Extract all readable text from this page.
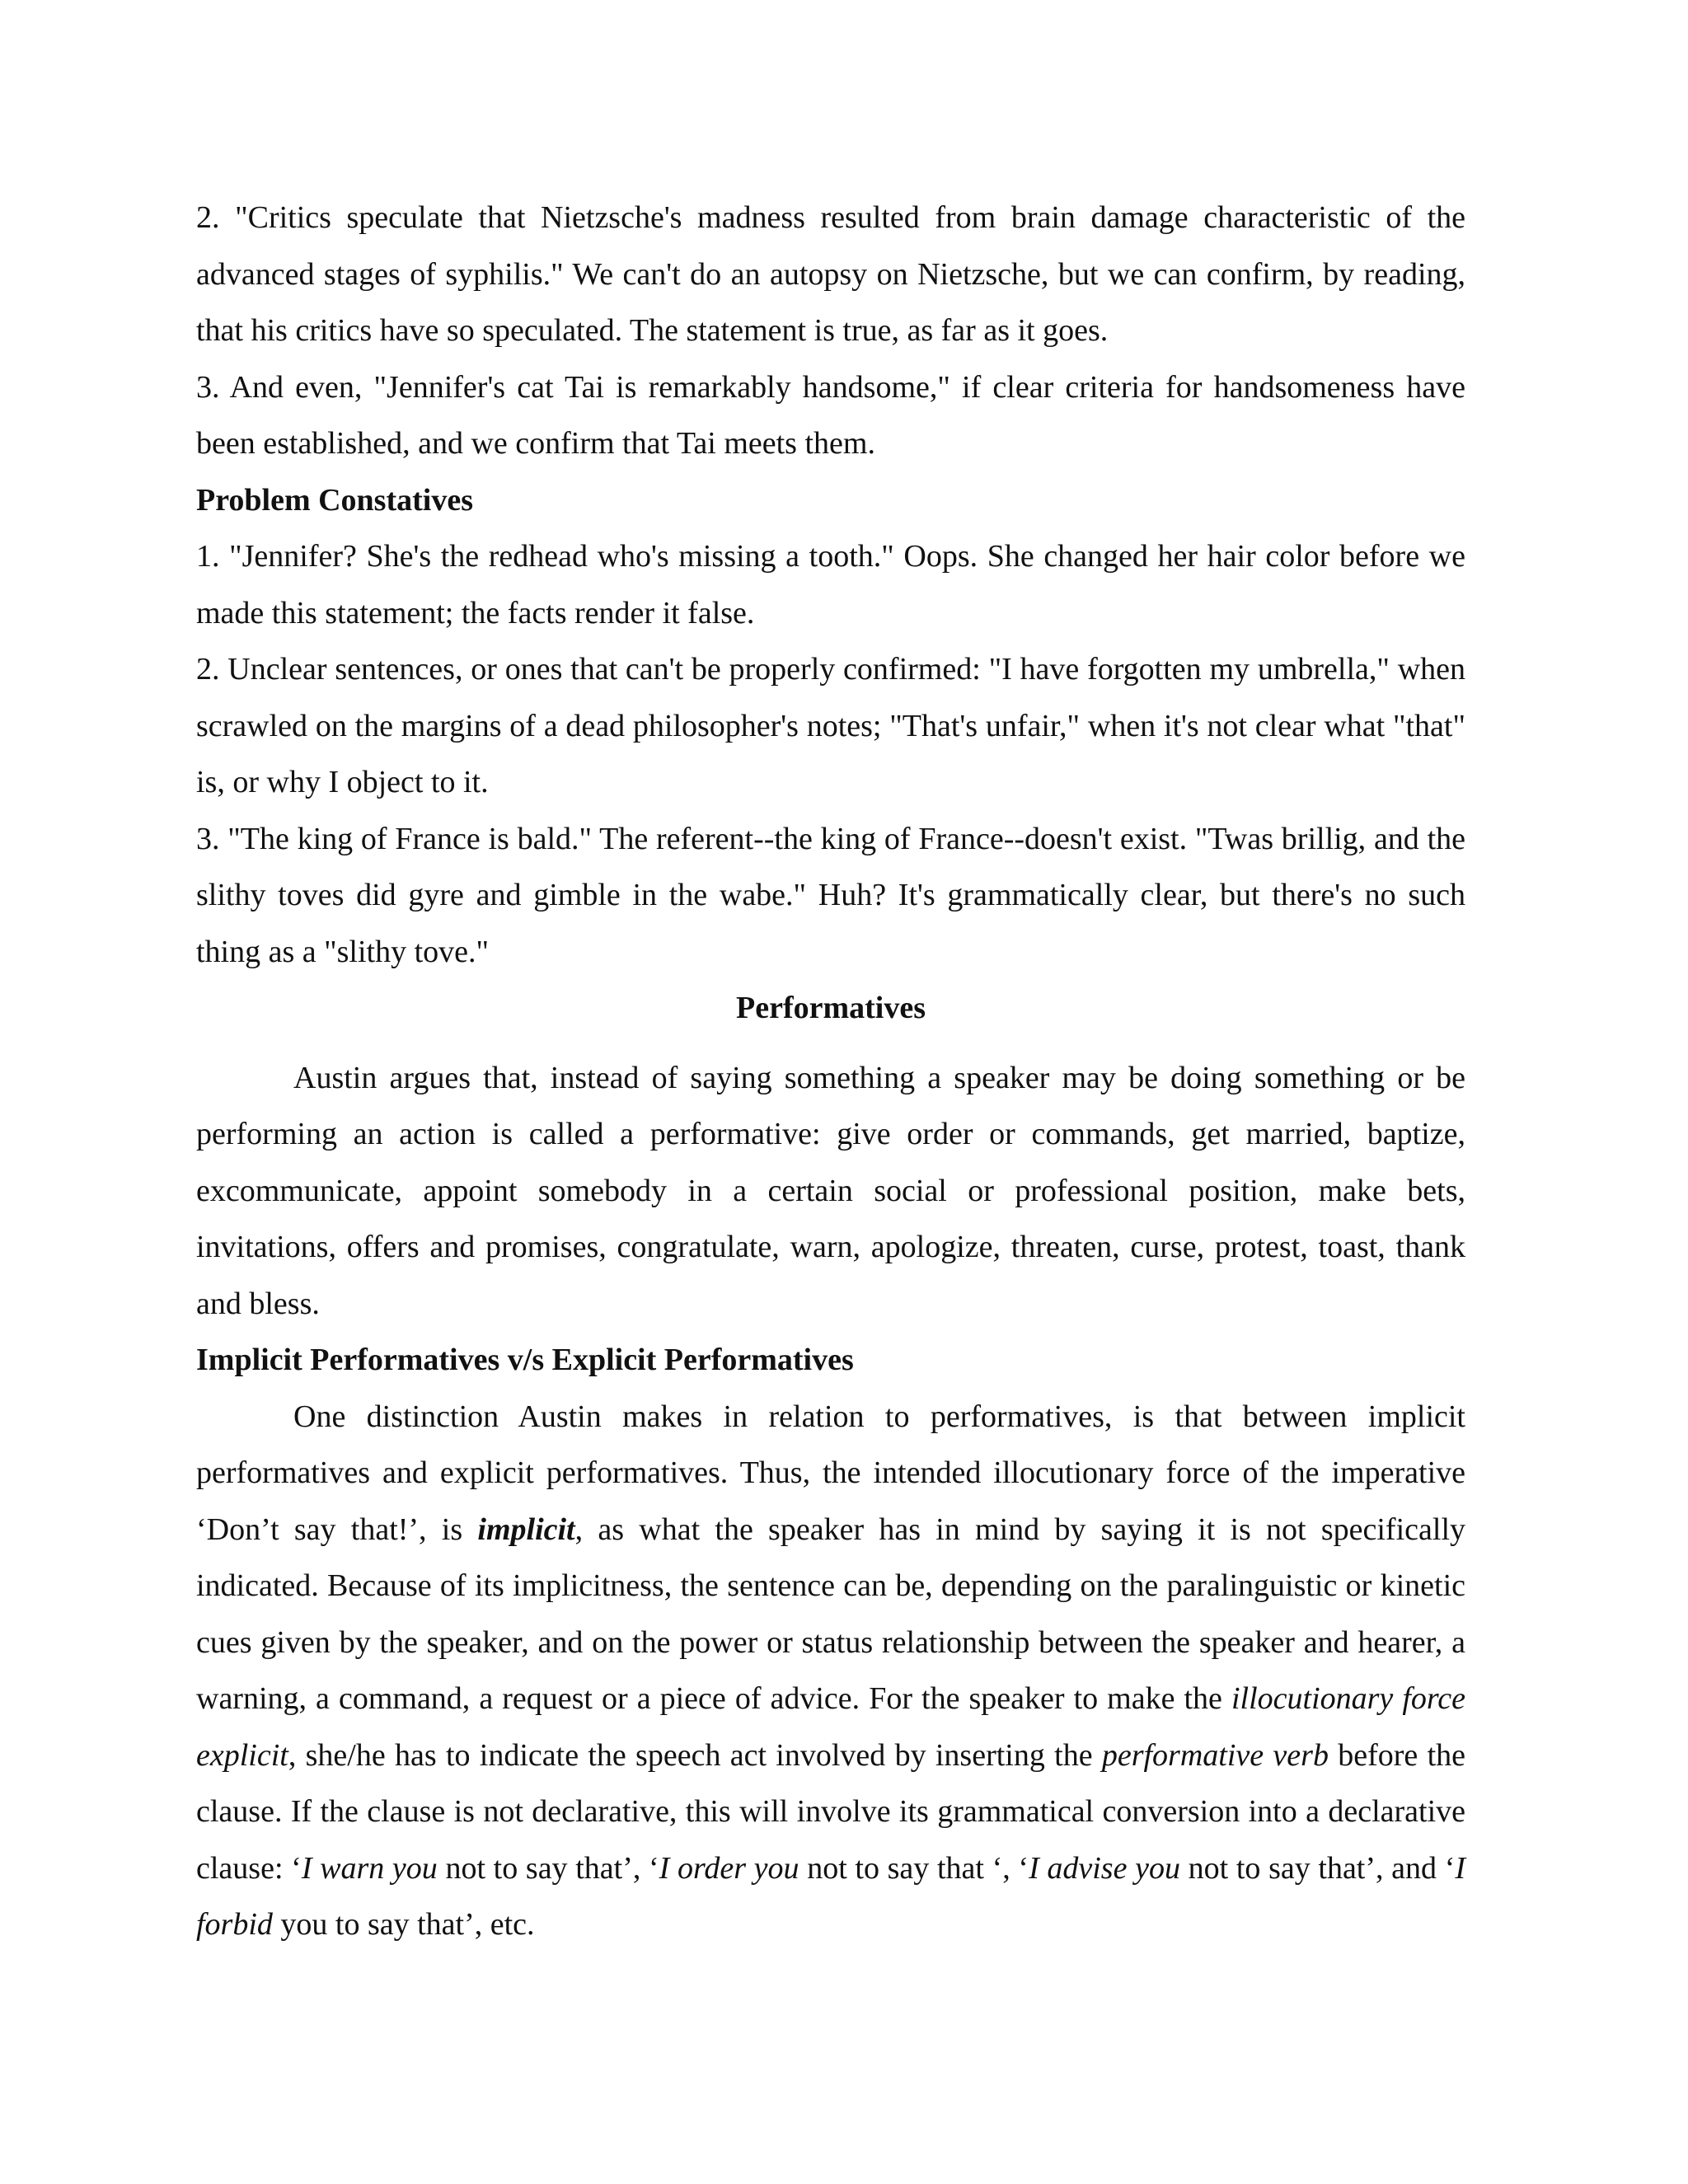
2. "Critics speculate that Nietzsche's madness resulted from brain damage characteristic of the advanced stages of syphilis." We can't do an autopsy on Nietzsche, but we can confirm, by reading, that his critics have so speculated. The statement is true, as far as it goes.

3. And even, "Jennifer's cat Tai is remarkably handsome," if clear criteria for handsomeness have been established, and we confirm that Tai meets them.

Problem Constatives

1. "Jennifer? She's the redhead who's missing a tooth." Oops. She changed her hair color before we made this statement; the facts render it false.

2. Unclear sentences, or ones that can't be properly confirmed: "I have forgotten my umbrella," when scrawled on the margins of a dead philosopher's notes; "That's unfair," when it's not clear what "that" is, or why I object to it.

3. "The king of France is bald." The referent--the king of France--doesn't exist. "Twas brillig, and the slithy toves did gyre and gimble in the wabe." Huh? It's grammatically clear, but there's no such thing as a "slithy tove."

Performatives

Austin argues that, instead of saying something a speaker may be doing something or be performing an action is called a performative: give order or commands, get married, baptize, excommunicate, appoint somebody in a certain social or professional position, make bets, invitations, offers and promises, congratulate, warn, apologize, threaten, curse, protest, toast, thank and bless.

Implicit Performatives v/s Explicit Performatives

One distinction Austin makes in relation to performatives, is that between implicit performatives and explicit performatives. Thus, the intended illocutionary force of the imperative ‘Don’t say that!’, is implicit, as what the speaker has in mind by saying it is not specifically indicated. Because of its implicitness, the sentence can be, depending on the paralinguistic or kinetic cues given by the speaker, and on the power or status relationship between the speaker and hearer, a warning, a command, a request or a piece of advice. For the speaker to make the illocutionary force explicit, she/he has to indicate the speech act involved by inserting the performative verb before the clause. If the clause is not declarative, this will involve its grammatical conversion into a declarative clause: ‘I warn you not to say that’, ‘I order you not to say that ‘, ‘I advise you not to say that’, and ‘I forbid you to say that’, etc.
